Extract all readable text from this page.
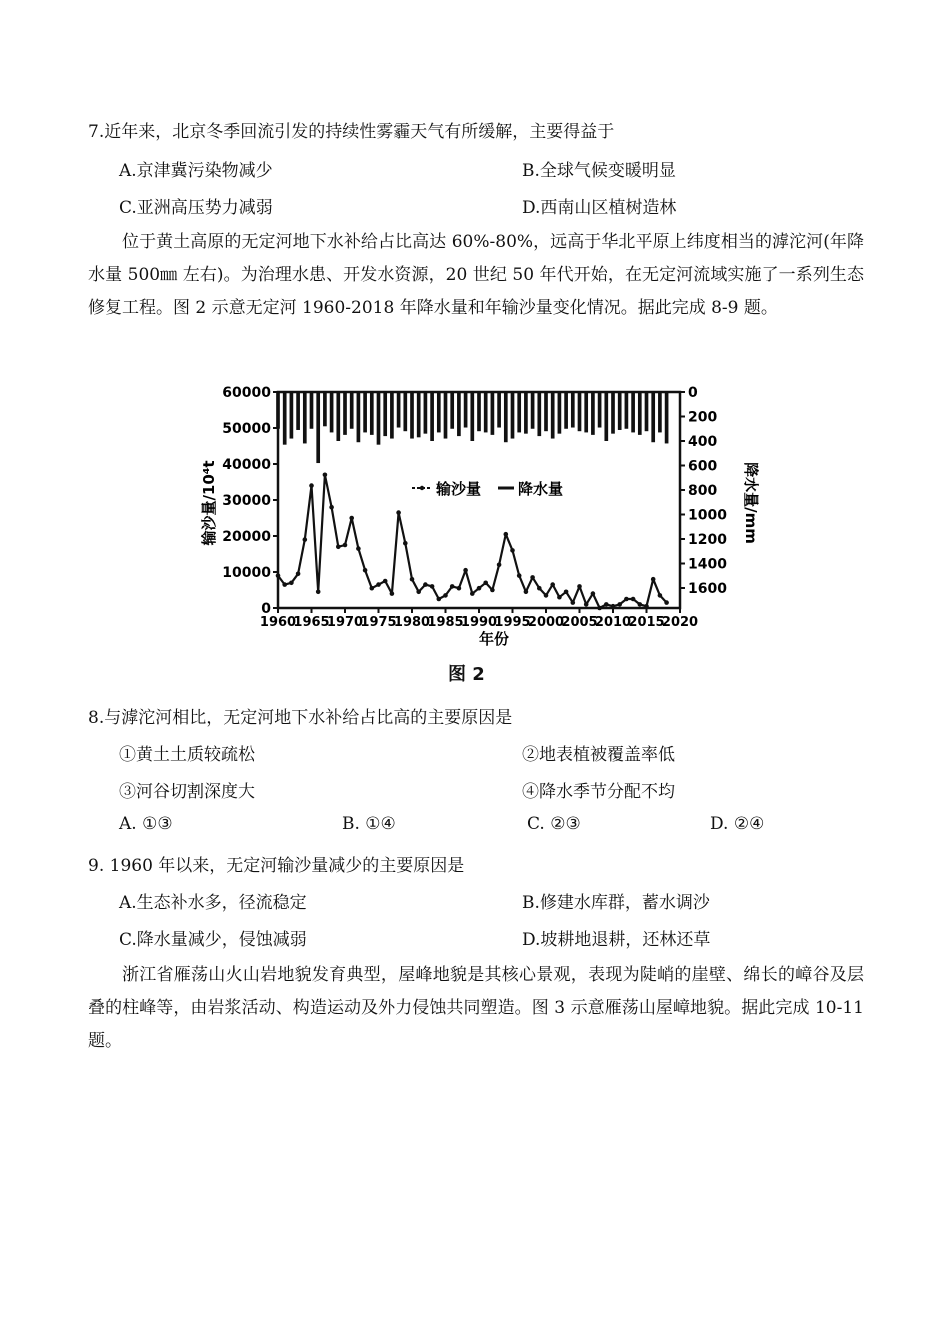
7.近年来，北京冬季回流引发的持续性雾霾天气有所缓解，主要得益于
A.京津冀污染物减少	B.全球气候变暖明显
C.亚洲高压势力减弱	D.西南山区植树造林
位于黄土高原的无定河地下水补给占比高达 60%-80%，远高于华北平原上纬度相当的滹沱河(年降水量 500㎜ 左右)。为治理水患、开发水资源，20 世纪 50 年代开始，在无定河流域实施了一系列生态修复工程。图 2 示意无定河 1960-2018 年降水量和年输沙量变化情况。据此完成 8-9 题。
0
10000
20000
30000
40000
50000
60000	0
200
400
600
800
1000
1200
1400
1600
1960
1965
1970
1975
1980
1985
1990
1995
2000
2005
2010
2015
2020
输沙量 降水量
输沙量/10⁴t	降水量/mm
年份
图 2
8.与滹沱河相比，无定河地下水补给占比高的主要原因是
①黄土土质较疏松	②地表植被覆盖率低
③河谷切割深度大	④降水季节分配不均
A. ①③	B. ①④	C. ②③	D. ②④
9. 1960 年以来，无定河输沙量减少的主要原因是
A.生态补水多，径流稳定	B.修建水库群，蓄水调沙
C.降水量减少，侵蚀减弱	D.坡耕地退耕，还林还草
浙江省雁荡山火山岩地貌发育典型，屋峰地貌是其核心景观，表现为陡峭的崖壁、绵长的嶂谷及层叠的柱峰等，由岩浆活动、构造运动及外力侵蚀共同塑造。图 3 示意雁荡山屋嶂地貌。据此完成 10-11 题。
